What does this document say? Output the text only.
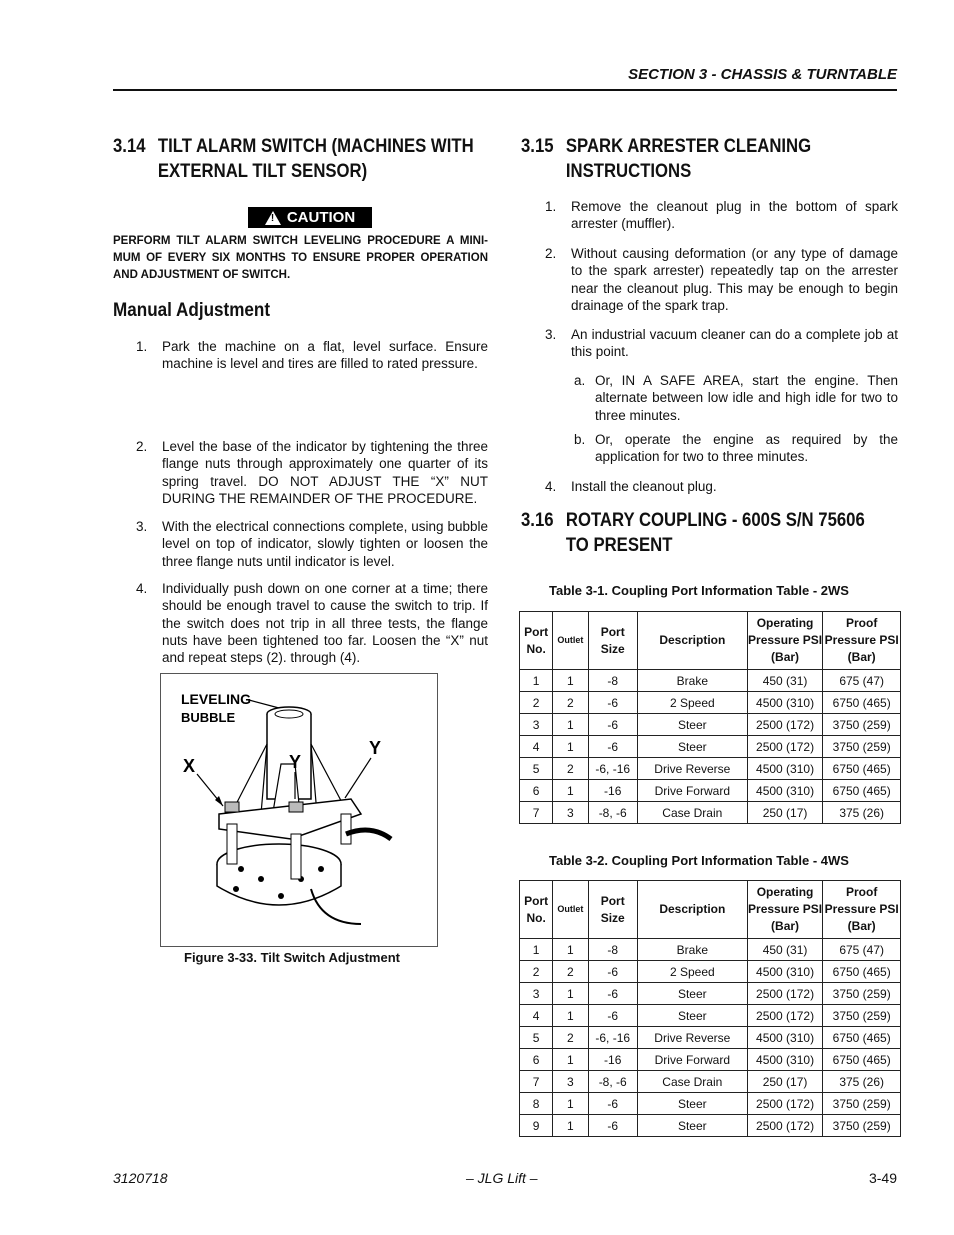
SECTION 3 - CHASSIS & TURNTABLE
3.14 TILT ALARM SWITCH (MACHINES WITH
EXTERNAL TILT SENSOR)
! CAUTION
PERFORM TILT ALARM SWITCH LEVELING PROCEDURE A MINI-MUM OF EVERY SIX MONTHS TO ENSURE PROPER OPERATION AND ADJUSTMENT OF SWITCH.
Manual Adjustment
1. Park the machine on a flat, level surface. Ensure machine is level and tires are filled to rated pressure.
2. Level the base of the indicator by tightening the three flange nuts through approximately one quarter of its spring travel. DO NOT ADJUST THE “X” NUT DURING THE REMAINDER OF THE PROCEDURE.
3. With the electrical connections complete, using bubble level on top of indicator, slowly tighten or loosen the three flange nuts until indicator is level.
4. Individually push down on one corner at a time; there should be enough travel to cause the switch to trip. If the switch does not trip in all three tests, the flange nuts have been tightened too far. Loosen the “X” nut and repeat steps (2). through (4).
LEVELING
BUBBLE
X	Y
Y
Figure 3-33. Tilt Switch Adjustment
3.15 SPARK ARRESTER CLEANING
INSTRUCTIONS
1. Remove the cleanout plug in the bottom of spark arrester (muffler).
2. Without causing deformation (or any type of damage to the spark arrester) repeatedly tap on the arrester near the cleanout plug. This may be enough to begin drainage of the spark trap.
3. An industrial vacuum cleaner can do a complete job at this point.
a. Or, IN A SAFE AREA, start the engine. Then alternate between low idle and high idle for two to three minutes.
b. Or, operate the engine as required by the application for two to three minutes.
4. Install the cleanout plug.
3.16 ROTARY COUPLING - 600S S/N 75606
TO PRESENT
Table 3-1. Coupling Port Information Table - 2WS
Port No.	Outlet	Port Size	Description	Operating Pressure PSI (Bar)	Proof Pressure PSI (Bar)
1	1	-8	Brake	450 (31)	675 (47)
2	2	-6	2 Speed	4500 (310)	6750 (465)
3	1	-6	Steer	2500 (172)	3750 (259)
4	1	-6	Steer	2500 (172)	3750 (259)
5	2	-6, -16	Drive Reverse	4500 (310)	6750 (465)
6	1	-16	Drive Forward	4500 (310)	6750 (465)
7	3	-8, -6	Case Drain	250 (17)	375 (26)
Table 3-2. Coupling Port Information Table - 4WS
Port No.	Outlet	Port Size	Description	Operating Pressure PSI (Bar)	Proof Pressure PSI (Bar)
1	1	-8	Brake	450 (31)	675 (47)
2	2	-6	2 Speed	4500 (310)	6750 (465)
3	1	-6	Steer	2500 (172)	3750 (259)
4	1	-6	Steer	2500 (172)	3750 (259)
5	2	-6, -16	Drive Reverse	4500 (310)	6750 (465)
6	1	-16	Drive Forward	4500 (310)	6750 (465)
7	3	-8, -6	Case Drain	250 (17)	375 (26)
8	1	-6	Steer	2500 (172)	3750 (259)
9	1	-6	Steer	2500 (172)	3750 (259)
3120718	– JLG Lift –	3-49
